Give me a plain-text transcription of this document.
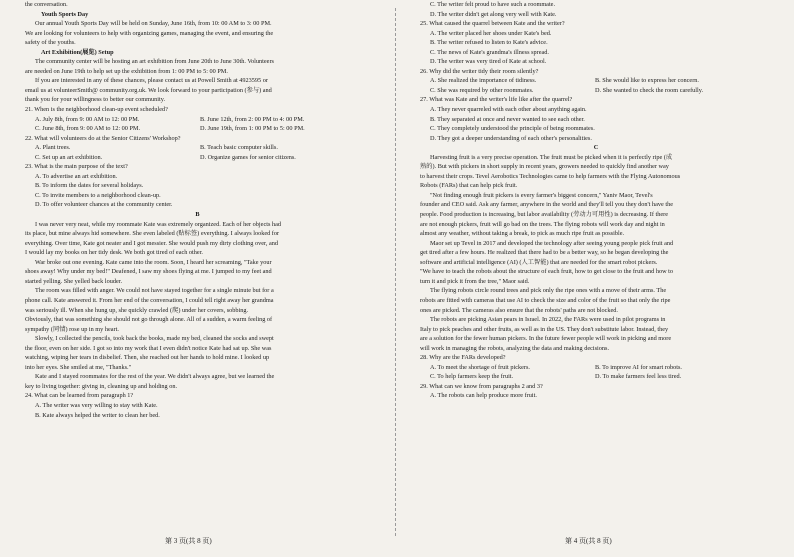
the conversation.
Youth Sports Day
Our annual Youth Sports Day will be held on Sunday, June 16th, from 10: 00 AM to 3: 00 PM.
We are looking for volunteers to help with organizing games, managing the event, and ensuring the
safety of the youths.
Art Exhibition(展览) Setup
The community center will be hosting an art exhibition from June 20th to June 30th. Volunteers
are needed on June 19th to help set up the exhibition from 1: 00 PM to 5: 00 PM.
If you are interested in any of these chances, please contact us at Powell Smith at 4923595 or
email us at volunteerSmith@ community.org.uk. We look forward to your participation (参与) and
thank you for your willingness to better our community.
21. When is the neighborhood clean-up event scheduled?
A. July 8th, from 9: 00 AM to 12: 00 PM.	B. June 12th, from 2: 00 PM to 4: 00 PM.
C. June 8th, from 9: 00 AM to 12: 00 PM.	D. June 19th, from 1: 00 PM to 5: 00 PM.
22. What will volunteers do at the Senior Citizens' Workshop?
A. Plant trees.	B. Teach basic computer skills.
C. Set up an art exhibition.	D. Organize games for senior citizens.
23. What is the main purpose of the text?
A. To advertise an art exhibition.
B. To inform the dates for several holidays.
C. To invite members to a neighborhood clean-up.
D. To offer volunteer chances at the community center.
B
I was never very neat, while my roommate Kate was extremely organized. Each of her objects had
its place, but mine always hid somewhere. She even labeled (贴标签) everything. I always looked for
everything. Over time, Kate got neater and I got messier. She would push my dirty clothing over, and
I would lay my books on her tidy desk. We both got tired of each other.
War broke out one evening. Kate came into the room. Soon, I heard her screaming, "Take your
shoes away! Why under my bed!" Deafened, I saw my shoes flying at me. I jumped to my feet and
started yelling. She yelled back louder.
The room was filled with anger. We could not have stayed together for a single minute but for a
phone call. Kate answered it. From her end of the conversation, I could tell right away her grandma
was seriously ill. When she hung up, she quickly crawled (爬) under her covers, sobbing.
Obviously, that was something she should not go through alone. All of a sudden, a warm feeling of
sympathy (同情) rose up in my heart.
Slowly, I collected the pencils, took back the books, made my bed, cleaned the socks and swept
the floor, even on her side. I got so into my work that I even didn't notice Kate had sat up. She was
watching, wiping her tears in disbelief. Then, she reached out her hands to hold mine. I looked up
into her eyes. She smiled at me, "Thanks."
Kate and I stayed roommates for the rest of the year. We didn't always agree, but we learned the
key to living together: giving in, cleaning up and holding on.
24. What can be learned from paragraph 1?
A. The writer was very willing to stay with Kate.
B. Kate always helped the writer to clean her bed.
C. The writer felt proud to have such a roommate.
D. The writer didn't get along very well with Kate.
25. What caused the quarrel between Kate and the writer?
A. The writer placed her shoes under Kate's bed.
B. The writer refused to listen to Kate's advice.
C. The news of Kate's grandma's illness spread.
D. The writer was very tired of Kate at school.
26. Why did the writer tidy their room silently?
A. She realized the importance of tidiness.	B. She would like to express her concern.
C. She was required by other roommates.	D. She wanted to check the room carefully.
27. What was Kate and the writer's life like after the quarrel?
A. They never quarreled with each other about anything again.
B. They separated at once and never wanted to see each other.
C. They completely understood the principle of being roommates.
D. They got a deeper understanding of each other's personalities.
C
Harvesting fruit is a very precise operation. The fruit must be picked when it is perfectly ripe (成
熟的). But with pickers in short supply in recent years, growers needed to quickly find another way
to harvest their crops. Tevel Aerobotics Technologies came to help farmers with the Flying Autonomous
Robots (FARs) that can help pick fruit.
"Not finding enough fruit pickers is every farmer's biggest concern," Yaniv Maor, Tevel's
founder and CEO said. Ask any farmer, anywhere in the world and they'll tell you they don't have the
people. Food production is increasing, but labor availability (劳动力可用性) is decreasing. If there
are not enough pickers, fruit will go bad on the trees. The flying robots will work day and night in
almost any weather, without taking a break, to pick as much ripe fruit as possible.
Maor set up Tevel in 2017 and developed the technology after seeing young people pick fruit and
get tired after a few hours. He realized that there had to be a better way, so he began developing the
software and artificial intelligence (AI) (人工智能) that are needed for the smart robot pickers.
"We have to teach the robots about the structure of each fruit, how to get close to the fruit and how to
turn it and pick it from the tree," Maor said.
The flying robots circle round trees and pick only the ripe ones with a move of their arms. The
robots are fitted with cameras that use AI to check the size and color of the fruit so that only the ripe
ones are picked. The cameras also ensure that the robots' paths are not blocked.
The robots are picking Asian pears in Israel. In 2022, the FARs were used in pilot programs in
Italy to pick peaches and other fruits, as well as in the US. They don't substitute labor. Instead, they
are a solution for the fewer human pickers. In the future fewer people will work in picking and more
will work in managing the robots, analyzing the data and making decisions.
28. Why are the FARs developed?
A. To meet the shortage of fruit pickers.	B. To improve AI for smart robots.
C. To help farmers keep the fruit.	D. To make farmers feel less tired.
29. What can we know from paragraphs 2 and 3?
A. The robots can help produce more fruit.
第 3 页(共 8 页)	第 4 页(共 8 页)
